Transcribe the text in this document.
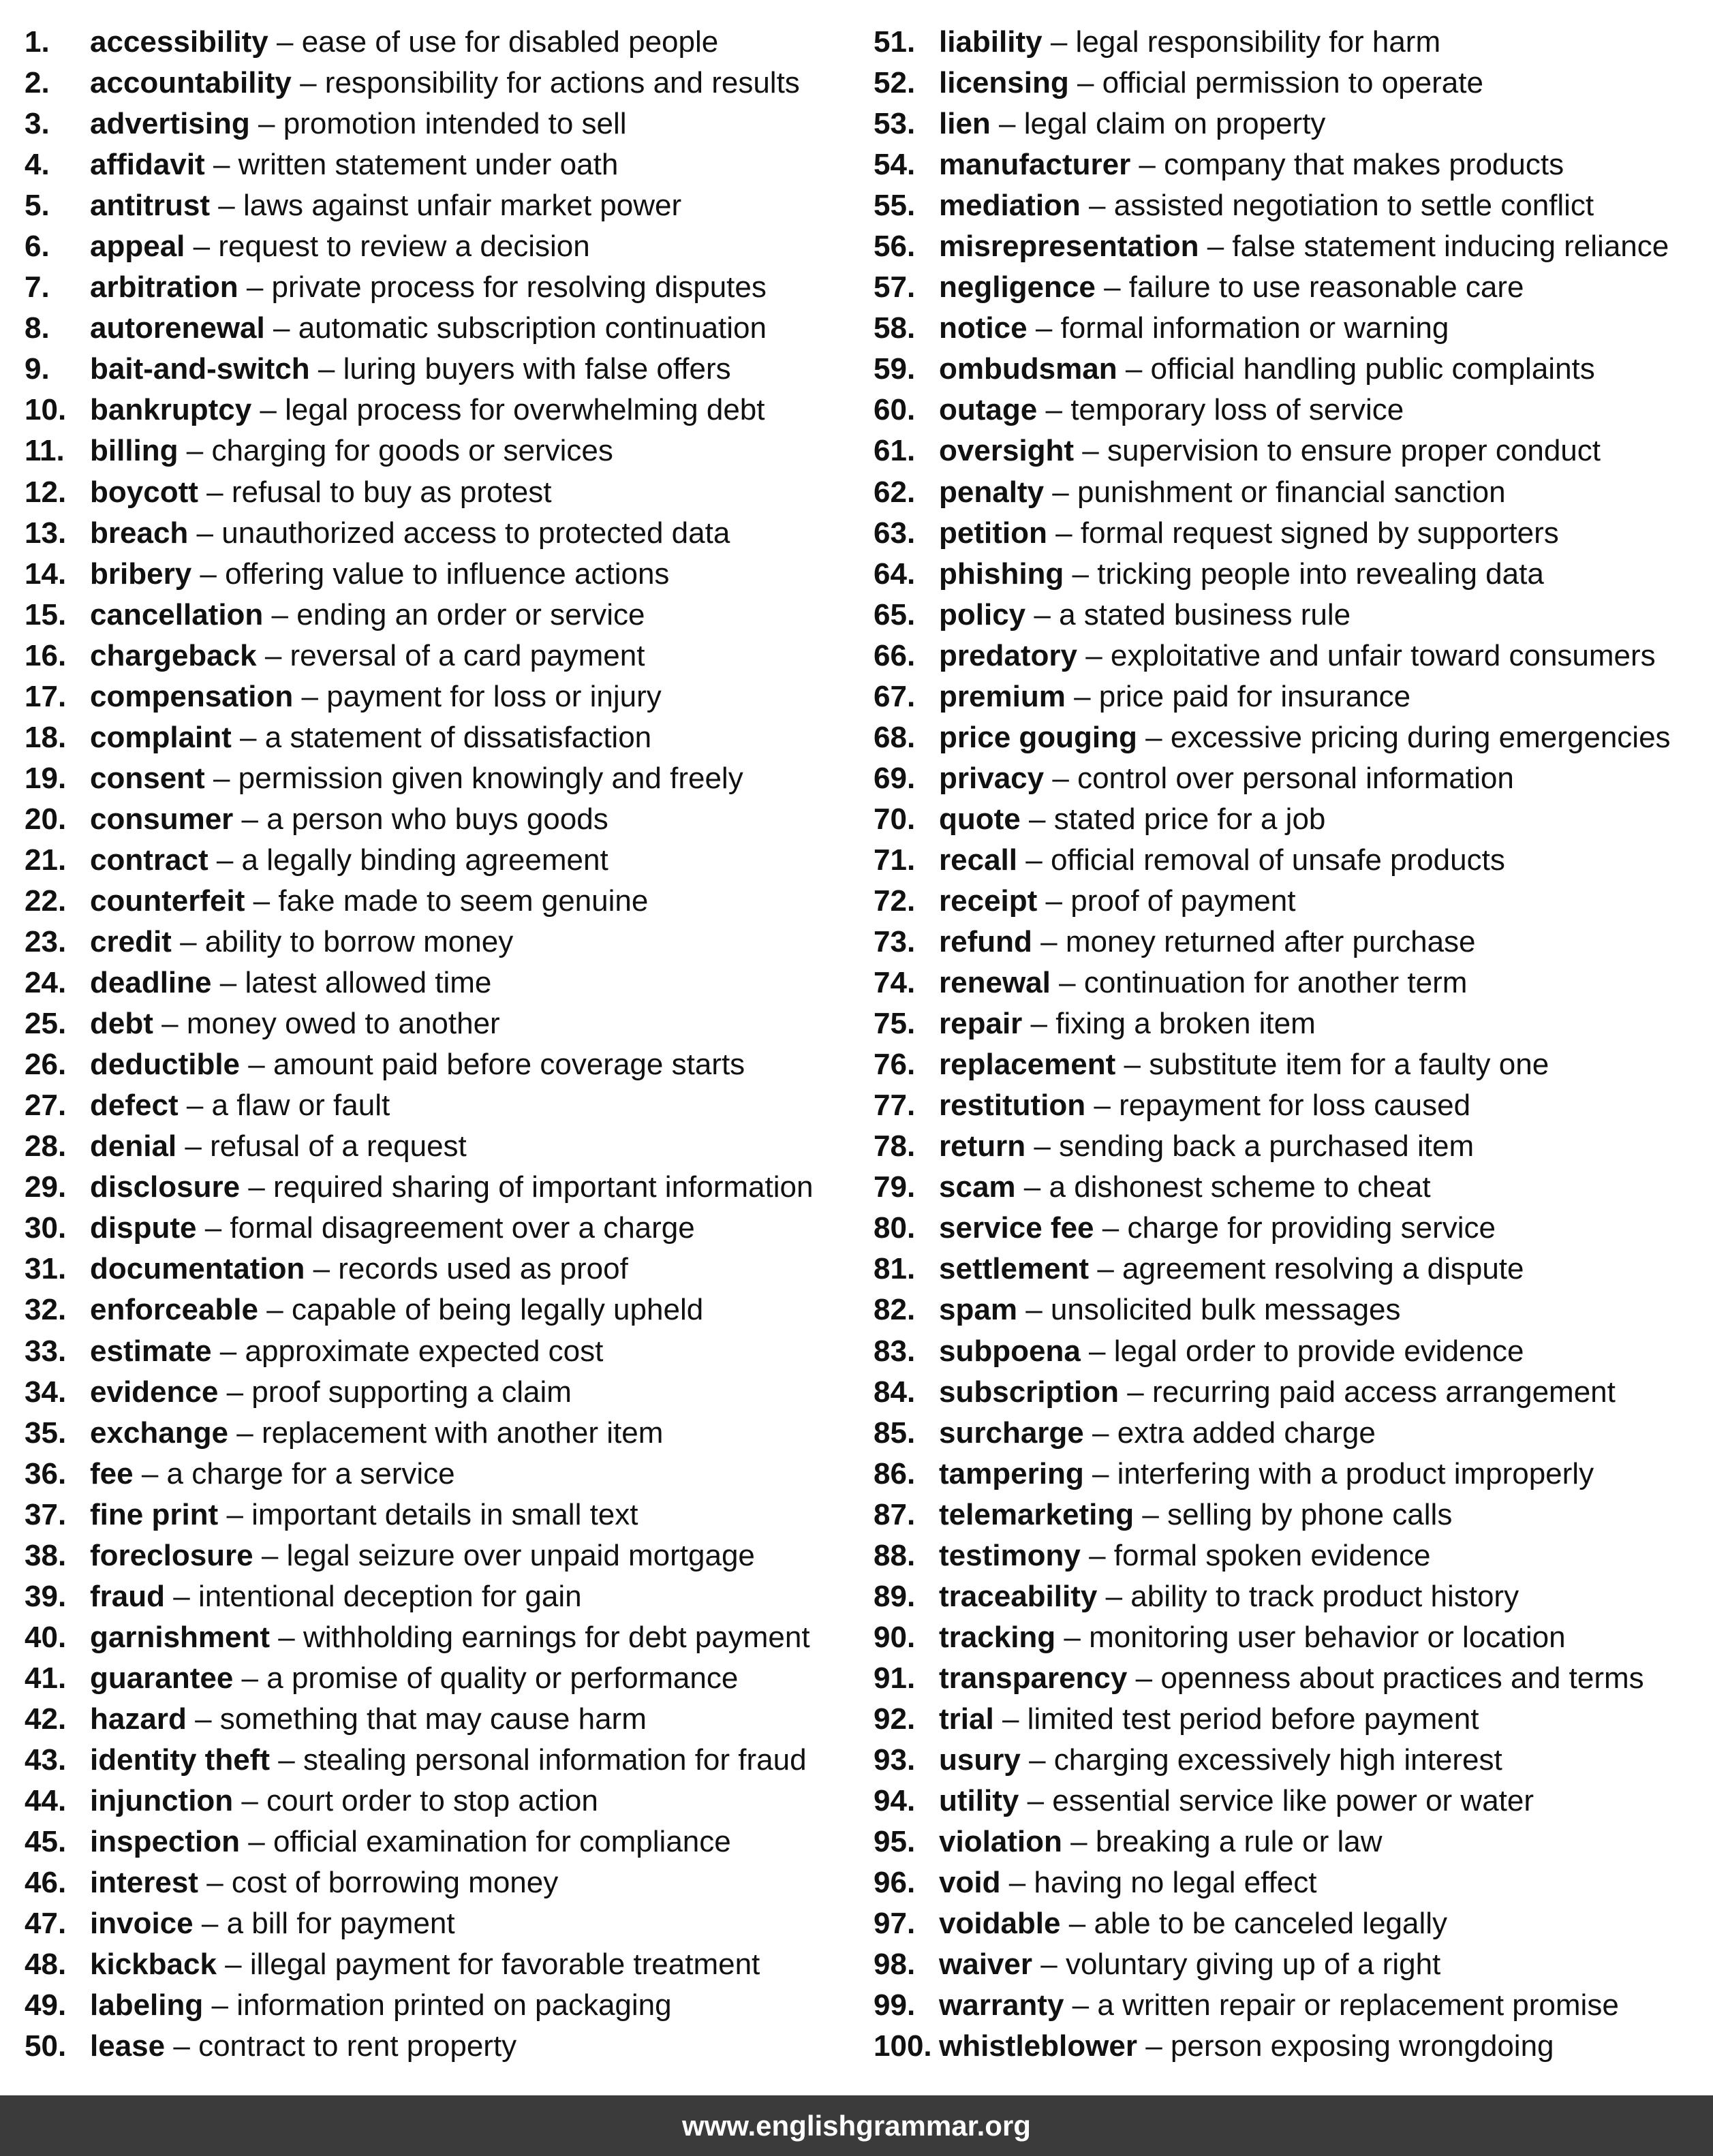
1.	accessibility – ease of use for disabled people
2.	accountability – responsibility for actions and results
3.	advertising – promotion intended to sell
4.	affidavit – written statement under oath
5.	antitrust – laws against unfair market power
6.	appeal – request to review a decision
7.	arbitration – private process for resolving disputes
8.	autorenewal – automatic subscription continuation
9.	bait-and-switch – luring buyers with false offers
10. bankruptcy – legal process for overwhelming debt
11. billing – charging for goods or services
12. boycott – refusal to buy as protest
13. breach – unauthorized access to protected data
14. bribery – offering value to influence actions
15. cancellation – ending an order or service
16. chargeback – reversal of a card payment
17. compensation – payment for loss or injury
18. complaint – a statement of dissatisfaction
19. consent – permission given knowingly and freely
20. consumer – a person who buys goods
21. contract – a legally binding agreement
22. counterfeit – fake made to seem genuine
23. credit – ability to borrow money
24. deadline – latest allowed time
25. debt – money owed to another
26. deductible – amount paid before coverage starts
27. defect – a flaw or fault
28. denial – refusal of a request
29. disclosure – required sharing of important information
30. dispute – formal disagreement over a charge
31. documentation – records used as proof
32. enforceable – capable of being legally upheld
33. estimate – approximate expected cost
34. evidence – proof supporting a claim
35. exchange – replacement with another item
36. fee – a charge for a service
37. fine print – important details in small text
38. foreclosure – legal seizure over unpaid mortgage
39. fraud – intentional deception for gain
40. garnishment – withholding earnings for debt payment
41. guarantee – a promise of quality or performance
42. hazard – something that may cause harm
43. identity theft – stealing personal information for fraud
44. injunction – court order to stop action
45. inspection – official examination for compliance
46. interest – cost of borrowing money
47. invoice – a bill for payment
48. kickback – illegal payment for favorable treatment
49. labeling – information printed on packaging
50. lease – contract to rent property
51. liability – legal responsibility for harm
52. licensing – official permission to operate
53. lien – legal claim on property
54. manufacturer – company that makes products
55. mediation – assisted negotiation to settle conflict
56. misrepresentation – false statement inducing reliance
57. negligence – failure to use reasonable care
58. notice – formal information or warning
59. ombudsman – official handling public complaints
60. outage – temporary loss of service
61. oversight – supervision to ensure proper conduct
62. penalty – punishment or financial sanction
63. petition – formal request signed by supporters
64. phishing – tricking people into revealing data
65. policy – a stated business rule
66. predatory – exploitative and unfair toward consumers
67. premium – price paid for insurance
68. price gouging – excessive pricing during emergencies
69. privacy – control over personal information
70. quote – stated price for a job
71. recall – official removal of unsafe products
72. receipt – proof of payment
73. refund – money returned after purchase
74. renewal – continuation for another term
75. repair – fixing a broken item
76. replacement – substitute item for a faulty one
77. restitution – repayment for loss caused
78. return – sending back a purchased item
79. scam – a dishonest scheme to cheat
80. service fee – charge for providing service
81. settlement – agreement resolving a dispute
82. spam – unsolicited bulk messages
83. subpoena – legal order to provide evidence
84. subscription – recurring paid access arrangement
85. surcharge – extra added charge
86. tampering – interfering with a product improperly
87. telemarketing – selling by phone calls
88. testimony – formal spoken evidence
89. traceability – ability to track product history
90. tracking – monitoring user behavior or location
91. transparency – openness about practices and terms
92. trial – limited test period before payment
93. usury – charging excessively high interest
94. utility – essential service like power or water
95. violation – breaking a rule or law
96. void – having no legal effect
97. voidable – able to be canceled legally
98. waiver – voluntary giving up of a right
99. warranty – a written repair or replacement promise
100. whistleblower – person exposing wrongdoing
www.englishgrammar.org
